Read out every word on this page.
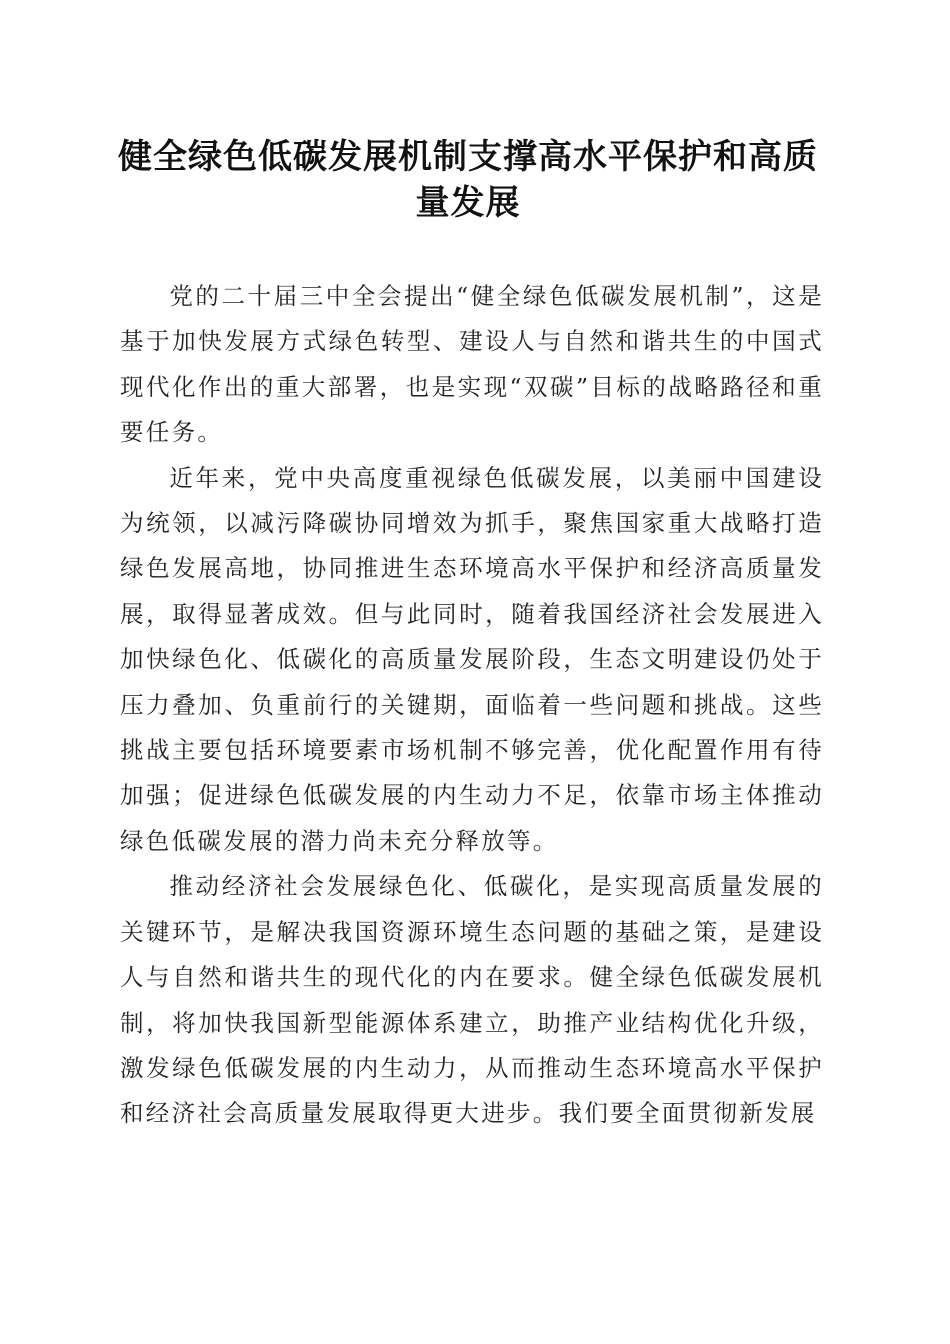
健全绿色低碳发展机制支撑高水平保护和高质量发展

党的二十届三中全会提出“健全绿色低碳发展机制”，这是基于加快发展方式绿色转型、建设人与自然和谐共生的中国式现代化作出的重大部署，也是实现“双碳”目标的战略路径和重要任务。

近年来，党中央高度重视绿色低碳发展，以美丽中国建设为统领，以减污降碳协同增效为抓手，聚焦国家重大战略打造绿色发展高地，协同推进生态环境高水平保护和经济高质量发展，取得显著成效。但与此同时，随着我国经济社会发展进入加快绿色化、低碳化的高质量发展阶段，生态文明建设仍处于压力叠加、负重前行的关键期，面临着一些问题和挑战。这些挑战主要包括环境要素市场机制不够完善，优化配置作用有待加强；促进绿色低碳发展的内生动力不足，依靠市场主体推动绿色低碳发展的潜力尚未充分释放等。

推动经济社会发展绿色化、低碳化，是实现高质量发展的关键环节，是解决我国资源环境生态问题的基础之策，是建设人与自然和谐共生的现代化的内在要求。健全绿色低碳发展机制，将加快我国新型能源体系建立，助推产业结构优化升级，激发绿色低碳发展的内生动力，从而推动生态环境高水平保护和经济社会高质量发展取得更大进步。我们要全面贯彻新发展
